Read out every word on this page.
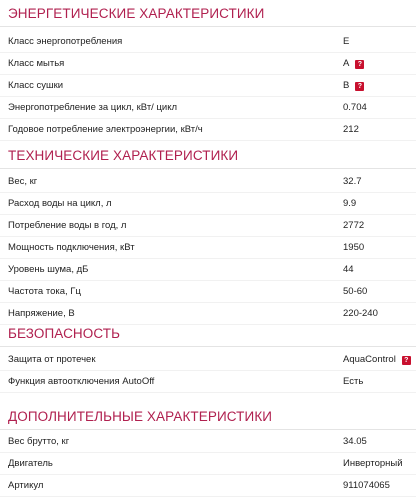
ЭНЕРГЕТИЧЕСКИЕ ХАРАКТЕРИСТИКИ
Класс энергопотребления	E
Класс мытья	A	?
Класс сушки	B	?
Энергопотребление за цикл, кВт/ цикл	0.704
Годовое потребление электроэнергии, кВт/ч	212
ТЕХНИЧЕСКИЕ ХАРАКТЕРИСТИКИ
Вес, кг	32.7
Расход воды на цикл, л	9.9
Потребление воды в год, л	2772
Мощность подключения, кВт	1950
Уровень шума, дБ	44
Частота тока, Гц	50-60
Напряжение, В	220-240
БЕЗОПАСНОСТЬ
Защита от протечек	AquaControl	?
Функция автоотключения AutoOff	Есть
ДОПОЛНИТЕЛЬНЫЕ ХАРАКТЕРИСТИКИ
Вес брутто, кг	34.05
Двигатель	Инверторный
Артикул	911074065
